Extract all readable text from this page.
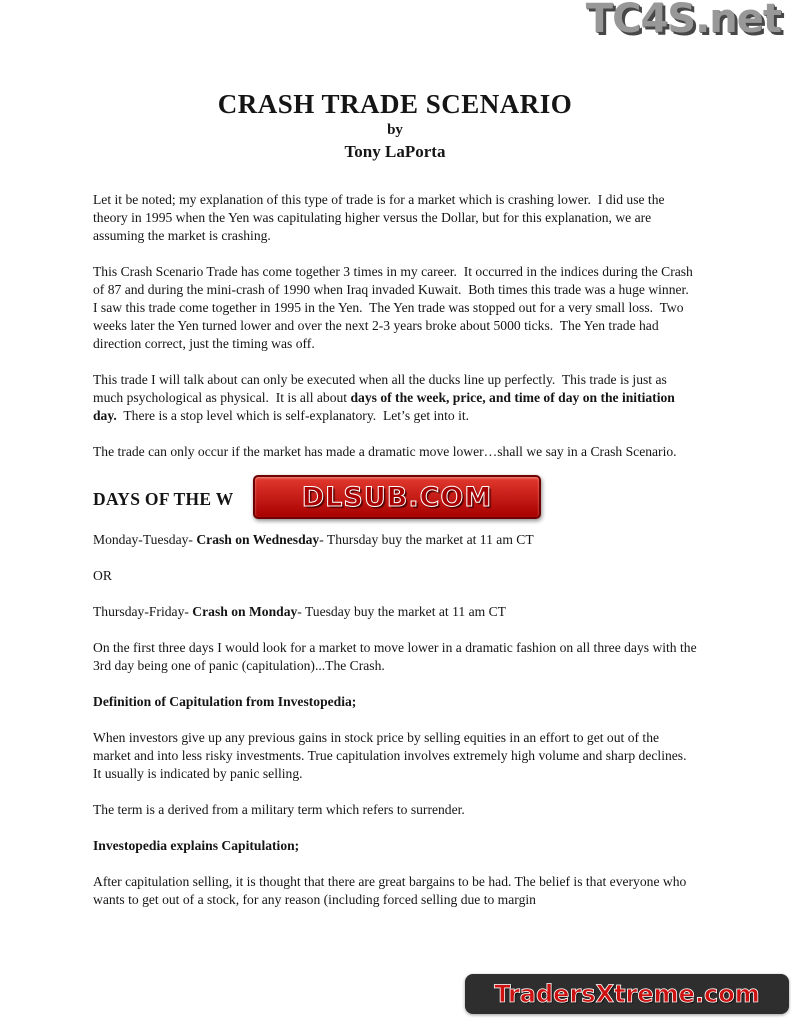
TC4S.net
CRASH TRADE SCENARIO
by
Tony LaPorta

Let it be noted; my explanation of this type of trade is for a market which is crashing lower.  I did use the theory in 1995 when the Yen was capitulating higher versus the Dollar, but for this explanation, we are assuming the market is crashing.

This Crash Scenario Trade has come together 3 times in my career.  It occurred in the indices during the Crash of 87 and during the mini-crash of 1990 when Iraq invaded Kuwait.  Both times this trade was a huge winner.  I saw this trade come together in 1995 in the Yen.  The Yen trade was stopped out for a very small loss.  Two weeks later the Yen turned lower and over the next 2-3 years broke about 5000 ticks.  The Yen trade had direction correct, just the timing was off.

This trade I will talk about can only be executed when all the ducks line up perfectly.  This trade is just as much psychological as physical.  It is all about days of the week, price, and time of day on the initiation day.  There is a stop level which is self-explanatory.  Let’s get into it.

The trade can only occur if the market has made a dramatic move lower…shall we say in a Crash Scenario.

DAYS OF THE W	DLSUB.COM

Monday-Tuesday- Crash on Wednesday- Thursday buy the market at 11 am CT

OR

Thursday-Friday- Crash on Monday- Tuesday buy the market at 11 am CT

On the first three days I would look for a market to move lower in a dramatic fashion on all three days with the 3rd day being one of panic (capitulation)...The Crash.

Definition of Capitulation from Investopedia;

When investors give up any previous gains in stock price by selling equities in an effort to get out of the market and into less risky investments. True capitulation involves extremely high volume and sharp declines. It usually is indicated by panic selling.

The term is a derived from a military term which refers to surrender.

Investopedia explains Capitulation;

After capitulation selling, it is thought that there are great bargains to be had. The belief is that everyone who wants to get out of a stock, for any reason (including forced selling due to margin

TradersXtreme.com
